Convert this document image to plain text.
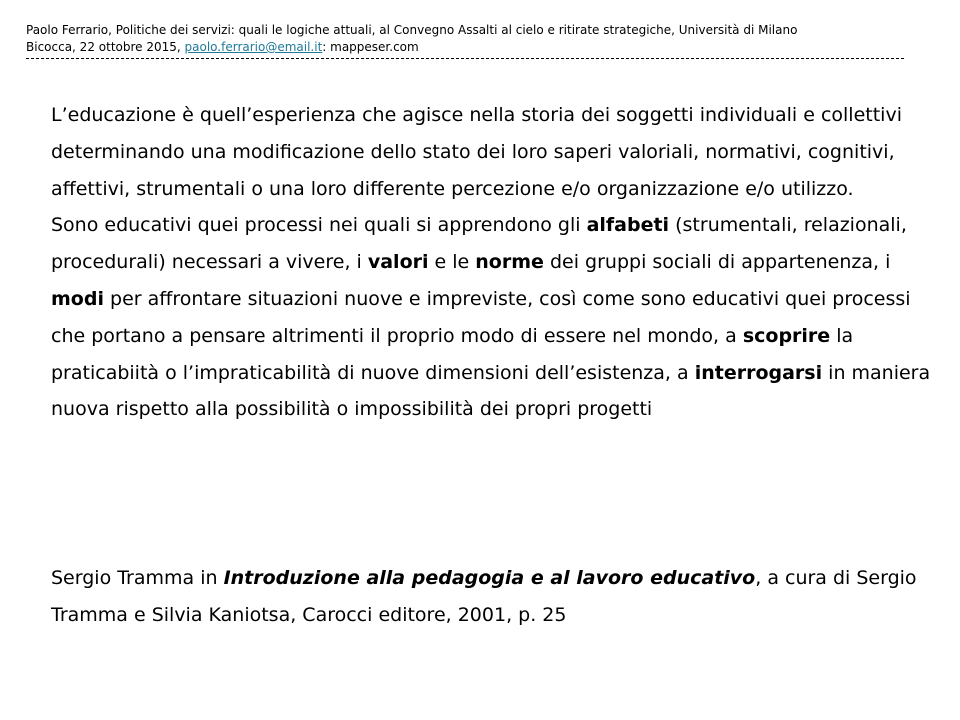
Paolo Ferrario, Politiche dei servizi: quali le logiche attuali, al Convegno Assalti al cielo e ritirate strategiche, Università di Milano
Bicocca, 22 ottobre 2015, paolo.ferrario@email.it: mappeser.com

L’educazione è quell’esperienza che agisce nella storia dei soggetti individuali e collettivi determinando una modificazione dello stato dei loro saperi valoriali, normativi, cognitivi, affettivi, strumentali o una loro differente percezione e/o organizzazione e/o utilizzo.

Sono educativi quei processi nei quali si apprendono gli alfabeti (strumentali, relazionali, procedurali) necessari a vivere, i valori e le norme dei gruppi sociali di appartenenza, i modi per affrontare situazioni nuove e impreviste, così come sono educativi quei processi che portano a pensare altrimenti il proprio modo di essere nel mondo, a scoprire la praticabiità o l’impraticabilità di nuove dimensioni dell’esistenza, a interrogarsi in maniera nuova rispetto alla possibilità o impossibilità dei propri progetti

Sergio Tramma in Introduzione alla pedagogia e al lavoro educativo, a cura di Sergio Tramma e Silvia Kaniotsa, Carocci editore, 2001, p. 25
